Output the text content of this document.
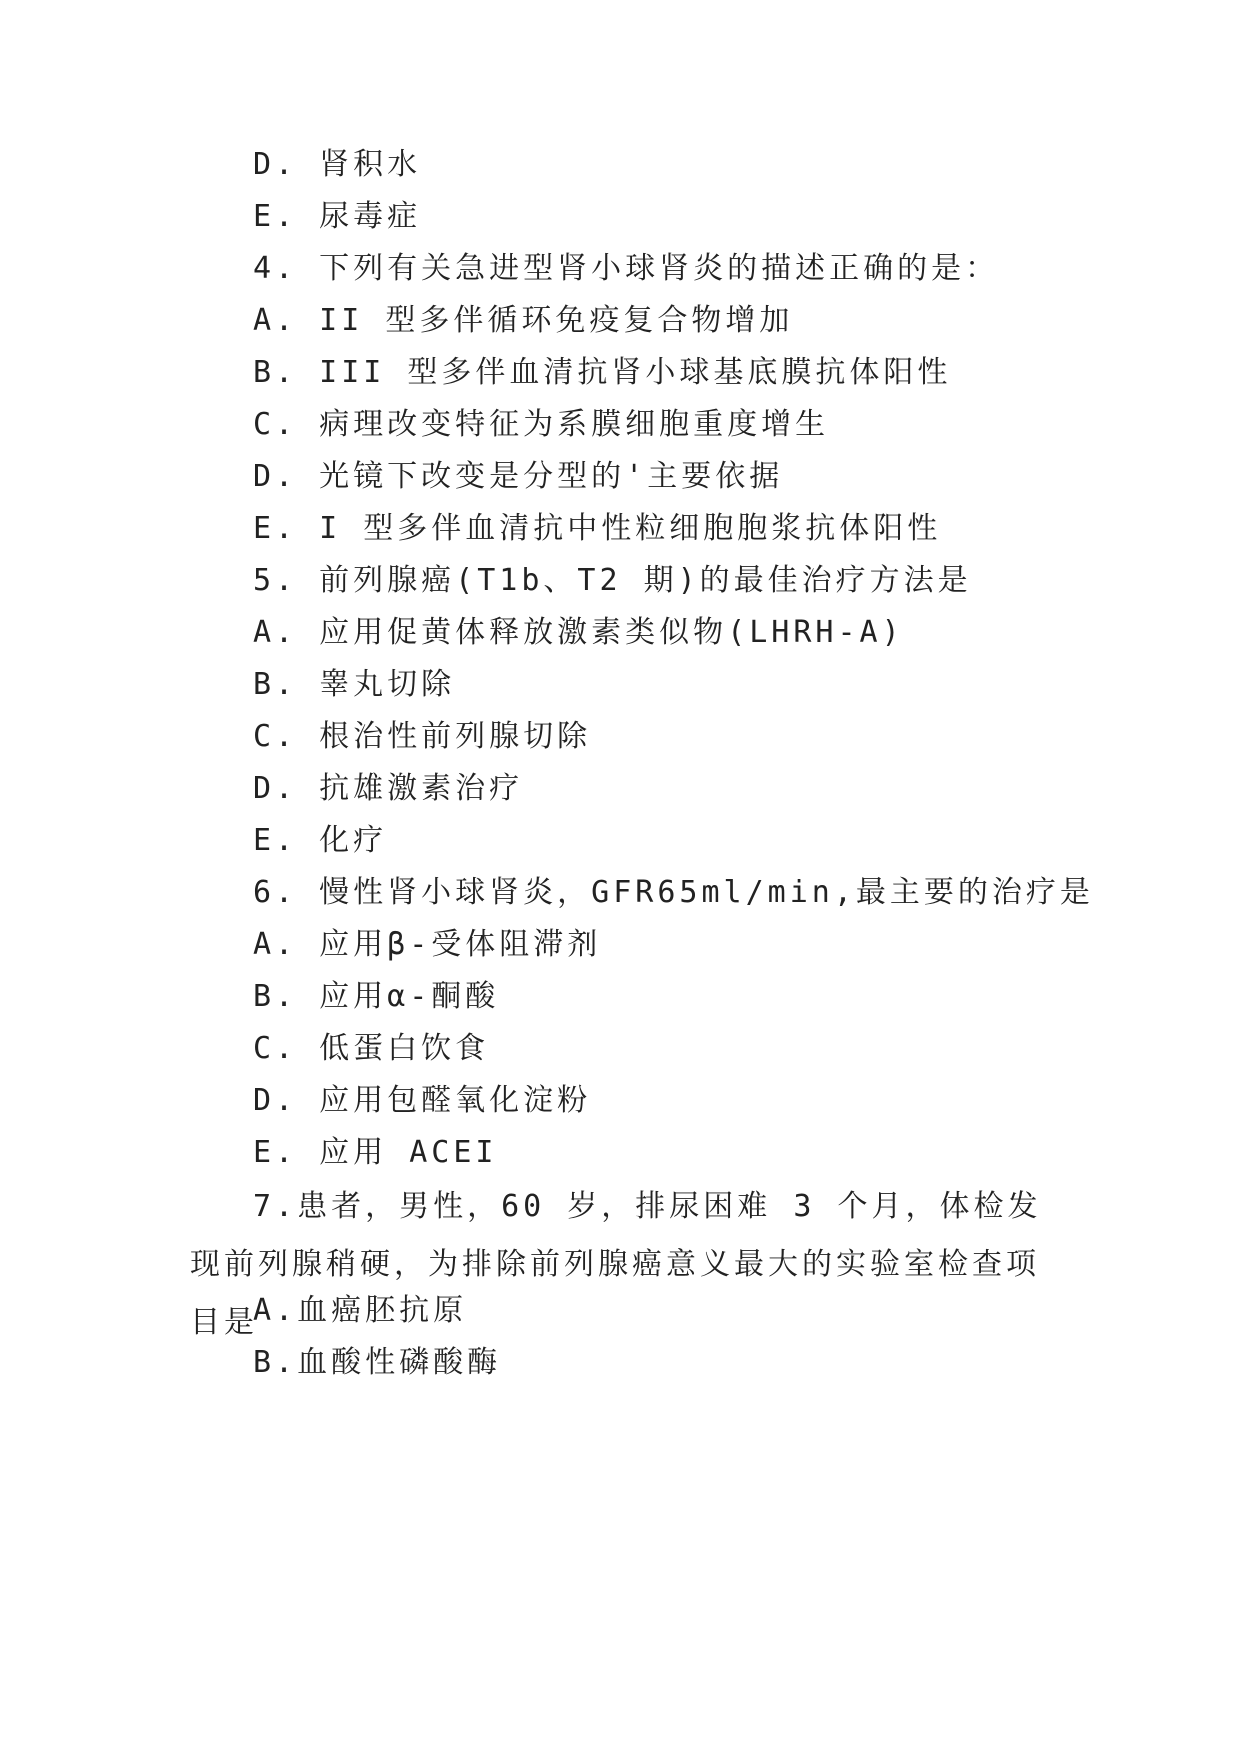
D. 肾积水
E. 尿毒症
4. 下列有关急进型肾小球肾炎的描述正确的是：
A. II 型多伴循环免疫复合物增加
B. III 型多伴血清抗肾小球基底膜抗体阳性
C. 病理改变特征为系膜细胞重度增生
D. 光镜下改变是分型的'主要依据
E. I 型多伴血清抗中性粒细胞胞浆抗体阳性
5. 前列腺癌(T1b、T2 期)的最佳治疗方法是
A. 应用促黄体释放激素类似物(LHRH-A)
B. 睾丸切除
C. 根治性前列腺切除
D. 抗雄激素治疗
E. 化疗
6. 慢性肾小球肾炎，GFR65ml/min,最主要的治疗是
A. 应用β-受体阻滞剂
B. 应用α-酮酸
C. 低蛋白饮食
D. 应用包醛氧化淀粉
E. 应用 ACEI
7.患者，男性，60 岁，排尿困难 3 个月，体检发现前列腺稍硬，为排除前列腺癌意义最大的实验室检查项目是
A.血癌胚抗原
B.血酸性磷酸酶
